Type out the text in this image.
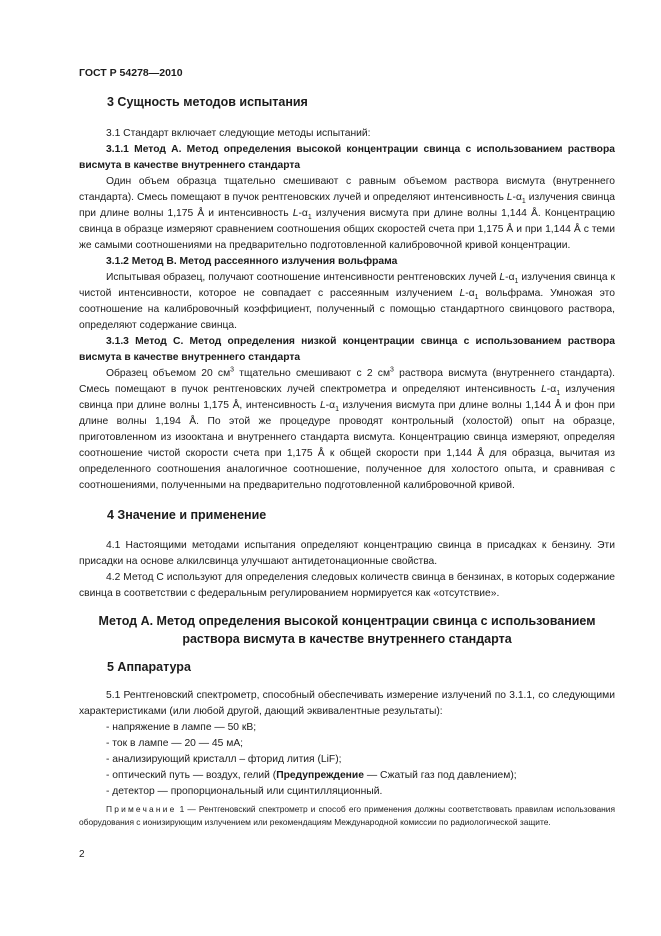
ГОСТ Р 54278—2010
3 Сущность методов испытания

3.1 Стандарт включает следующие методы испытаний:

3.1.1 Метод А. Метод определения высокой концентрации свинца с использованием раствора висмута в качестве внутреннего стандарта

Один объем образца тщательно смешивают с равным объемом раствора висмута (внутреннего стандарта). Смесь помещают в пучок рентгеновских лучей и определяют интенсивность $L-\alpha_1$ излучения свинца при длине волны 1,175 Å и интенсивность $L-\alpha_1$ излучения висмута при длине волны 1,144 Å. Концентрацию свинца в образце измеряют сравнением соотношения общих скоростей счета при 1,175 Å и при 1,144 Å с теми же самыми соотношениями на предварительно подготовленной калибровочной кривой концентрации.

3.1.2 Метод В. Метод рассеянного излучения вольфрама

Испытывая образец, получают соотношение интенсивности рентгеновских лучей $L-\alpha_1$ излучения свинца к чистой интенсивности, которое не совпадает с рассеянным излучением $L-\alpha_1$ вольфрама. Умножая это соотношение на калибровочный коэффициент, полученный с помощью стандартного свинцового раствора, определяют содержание свинца.

3.1.3 Метод С. Метод определения низкой концентрации свинца с использованием раствора висмута в качестве внутреннего стандарта

Образец объемом 20 $см^3$ тщательно смешивают с 2 $см^3$ раствора висмута (внутреннего стандарта). Смесь помещают в пучок рентгеновских лучей спектрометра и определяют интенсивность $L-\alpha_1$ излучения свинца при длине волны 1,175 Å, интенсивность $L-\alpha_1$ излучения висмута при длине волны 1,144 Å и фон при длине волны 1,194 Å. По этой же процедуре проводят контрольный (холостой) опыт на образце, приготовленном из изооктана и внутреннего стандарта висмута. Концентрацию свинца измеряют, определяя соотношение чистой скорости счета при 1,175 Å к общей скорости при 1,144 Å для образца, вычитая из определенного соотношения аналогичное соотношение, полученное для холостого опыта, и сравнивая с соотношениями, полученными на предварительно подготовленной калибровочной кривой.

4 Значение и применение

4.1 Настоящими методами испытания определяют концентрацию свинца в присадках к бензину. Эти присадки на основе алкилсвинца улучшают антидетонационные свойства.

4.2 Метод С используют для определения следовых количеств свинца в бензинах, в которых содержание свинца в соответствии с федеральным регулированием нормируется как «отсутствие».

Метод А. Метод определения высокой концентрации свинца с использованием раствора висмута в качестве внутреннего стандарта
5 Аппаратура

5.1 Рентгеновский спектрометр, способный обеспечивать измерение излучений по 3.1.1, со следующими характеристиками (или любой другой, дающий эквивалентные результаты):

- напряжение в лампе — 50 кВ;
- ток в лампе — 20 — 45 мА;
- анализирующий кристалл – фторид лития (LiF);
- оптический путь — воздух, гелий (Предупреждение — Сжатый газ под давлением);
- детектор — пропорциональный или сцинтилляционный.
Примечание 1 — Рентгеновский спектрометр и способ его применения должны соответствовать правилам использования оборудования с ионизирующим излучением или рекомендациям Международной комиссии по радиологической защите.
2
